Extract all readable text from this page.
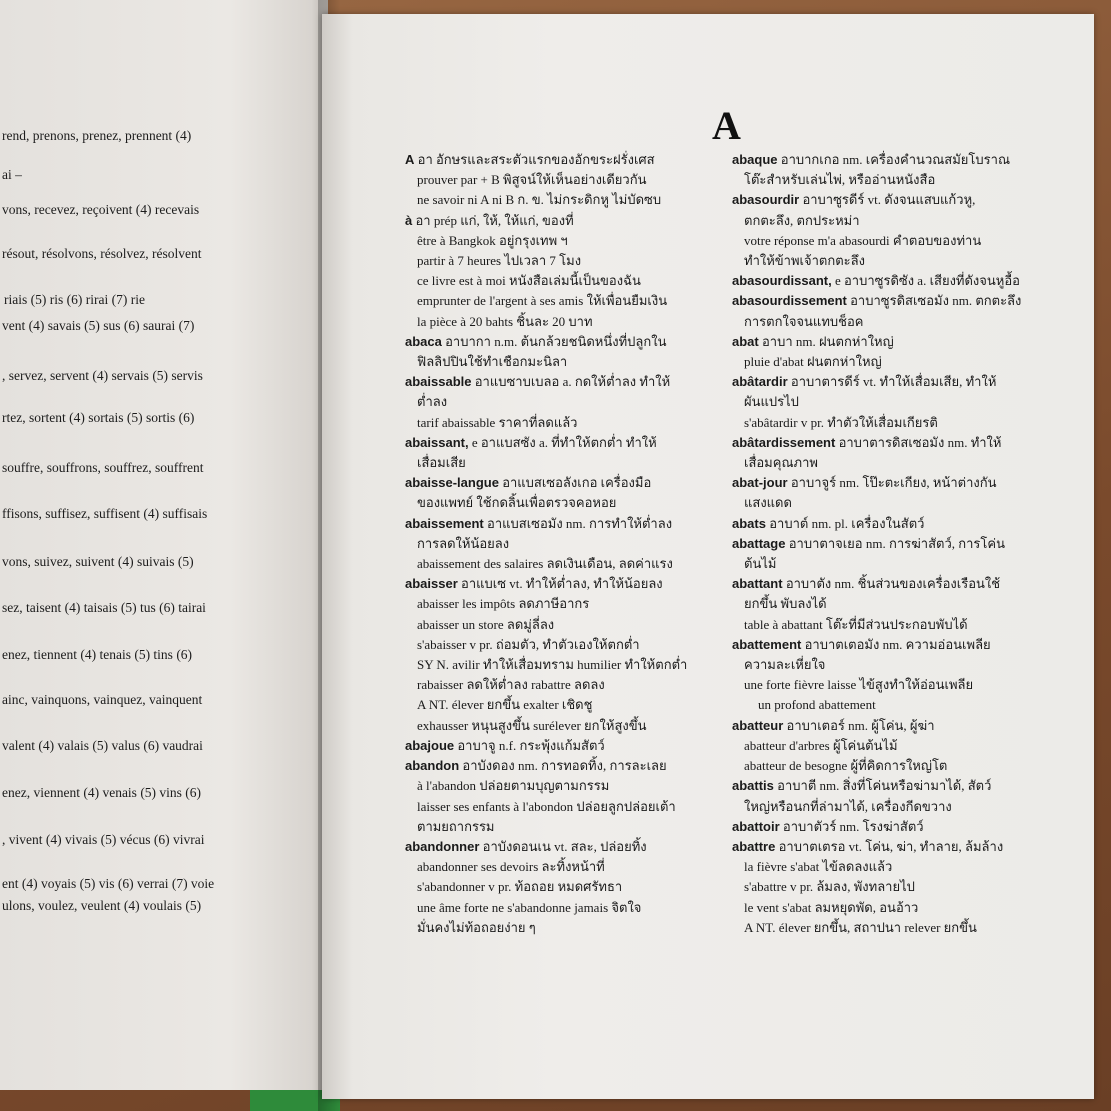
rend, prenons, prenez, prennent (4)
ai –
vons, recevez, reçoivent (4) recevais
résout, résolvons, résolvez, résolvent
riais (5) ris (6) rirai (7) rie
vent (4) savais (5) sus (6) saurai (7)
, servez, servent (4) servais (5) servis
rtez, sortent (4) sortais (5) sortis (6)
souffre, souffrons, souffrez, souffrent
ffisons, suffisez, suffisent (4) suffisais
vons, suivez, suivent (4) suivais (5)
sez, taisent (4) taisais (5) tus (6) tairai
enez, tiennent (4) tenais (5) tins (6)
ainc, vainquons, vainquez, vainquent
valent (4) valais (5) valus (6) vaudrai
enez, viennent (4) venais (5) vins (6)
, vivent (4) vivais (5) vécus (6) vivrai
ent (4) voyais (5) vis (6) verrai (7) voie
ulons, voulez, veulent (4) voulais (5)
A
A อา อักษรและสระตัวแรกของอักขระฝรั่งเศส
prouver par + B พิสูจน์ให้เห็นอย่างเดียวกัน
ne savoir ni A ni B ก. ข. ไม่กระดิกหู ไม่บัดซบ
à อา prép แก่, ให้, ให้แก่, ของที่
être à Bangkok อยู่กรุงเทพ ฯ
partir à 7 heures ไปเวลา 7 โมง
ce livre est à moi หนังสือเล่มนี้เป็นของฉัน
emprunter de l'argent à ses amis ให้เพื่อนยืมเงิน
la pièce à 20 bahts ชิ้นละ 20 บาท
abaca อาบากา n.m. ต้นกล้วยชนิดหนึ่งที่ปลูกใน
ฟิลลิปปินใช้ทำเชือกมะนิลา
abaissable อาแบซาบเบลอ a. กดให้ต่ำลง ทำให้
ต่ำลง
tarif abaissable ราคาที่ลดแล้ว
abaissant, e อาแบสซัง a. ที่ทำให้ตกต่ำ ทำให้
เสื่อมเสีย
abaisse-langue อาแบสเซอลังเกอ เครื่องมือ
ของแพทย์ ใช้กดลิ้นเพื่อตรวจคอหอย
abaissement อาแบสเซอมัง nm. การทำให้ต่ำลง
การลดให้น้อยลง
abaissement des salaires ลดเงินเดือน, ลดค่าแรง
abaisser อาแบเซ vt. ทำให้ต่ำลง, ทำให้น้อยลง
abaisser les impôts ลดภาษีอากร
abaisser un store ลดมู่ลี่ลง
s'abaisser v pr. ถ่อมตัว, ทำตัวเองให้ตกต่ำ
SY N. avilir ทำให้เสื่อมทราม humilier ทำให้ตกต่ำ
rabaisser ลดให้ต่ำลง rabattre ลดลง
A NT. élever ยกขึ้น exalter เชิดชู
exhausser หนุนสูงขึ้น surélever ยกให้สูงขึ้น
abajoue อาบาจู n.f. กระพุ้งแก้มสัตว์
abandon อาบังดอง nm. การทอดทิ้ง, การละเลย
à l'abandon ปล่อยตามบุญตามกรรม
laisser ses enfants à l'abondon ปล่อยลูกปล่อยเต้า
ตามยถากรรม
abandonner อาบังดอนเน vt. สละ, ปล่อยทิ้ง
abandonner ses devoirs ละทิ้งหน้าที่
s'abandonner v pr. ท้อถอย หมดศรัทธา
une âme forte ne s'abandonne jamais จิตใจ
มั่นคงไม่ท้อถอยง่าย ๆ
abaque อาบากเกอ nm. เครื่องคำนวณสมัยโบราณ
โต๊ะสำหรับเล่นไพ่, หรืออ่านหนังสือ
abasourdir อาบาซูรดีร์ vt. ดังจนแสบแก้วหู,
ตกตะลึง, ตกประหม่า
votre réponse m'a abasourdi คำตอบของท่าน
ทำให้ข้าพเจ้าตกตะลึง
abasourdissant, e อาบาซูรดิซัง a. เสียงที่ดังจนหูอื้อ
abasourdissement อาบาซูรดิสเซอมัง nm. ตกตะลึง
การตกใจจนแทบช็อค
abat อาบา nm. ฝนตกห่าใหญ่
pluie d'abat ฝนตกห่าใหญ่
abâtardir อาบาตารดีร์ vt. ทำให้เสื่อมเสีย, ทำให้
ผันแปรไป
s'abâtardir v pr. ทำตัวให้เสื่อมเกียรติ
abâtardissement อาบาตารดิสเซอมัง nm. ทำให้
เสื่อมคุณภาพ
abat-jour อาบาจูร์ nm. โป๊ะตะเกียง, หน้าต่างกัน
แสงแดด
abats อาบาต์ nm. pl. เครื่องในสัตว์
abattage อาบาตาจเยอ nm. การฆ่าสัตว์, การโค่น
ต้นไม้
abattant อาบาตัง nm. ชิ้นส่วนของเครื่องเรือนใช้
ยกขึ้น พับลงได้
table à abattant โต๊ะที่มีส่วนประกอบพับได้
abattement อาบาตเตอมัง nm. ความอ่อนเพลีย
ความละเหี่ยใจ
une forte fièvre laisse ไข้สูงทำให้อ่อนเพลีย
un profond abattement
abatteur อาบาเตอร์ nm. ผู้โค่น, ผู้ฆ่า
abatteur d'arbres ผู้โค่นต้นไม้
abatteur de besogne ผู้ที่คิดการใหญ่โต
abattis อาบาตี nm. สิ่งที่โค่นหรือฆ่ามาได้, สัตว์
ใหญ่หรือนกที่ล่ามาได้, เครื่องกีดขวาง
abattoir อาบาตัวร์ nm. โรงฆ่าสัตว์
abattre อาบาตเตรอ vt. โค่น, ฆ่า, ทำลาย, ล้มล้าง
la fièvre s'abat ไข้ลดลงแล้ว
s'abattre v pr. ล้มลง, พังทลายไป
le vent s'abat ลมหยุดพัด, อนอ้าว
A NT. élever ยกขึ้น, สถาปนา relever ยกขึ้น
